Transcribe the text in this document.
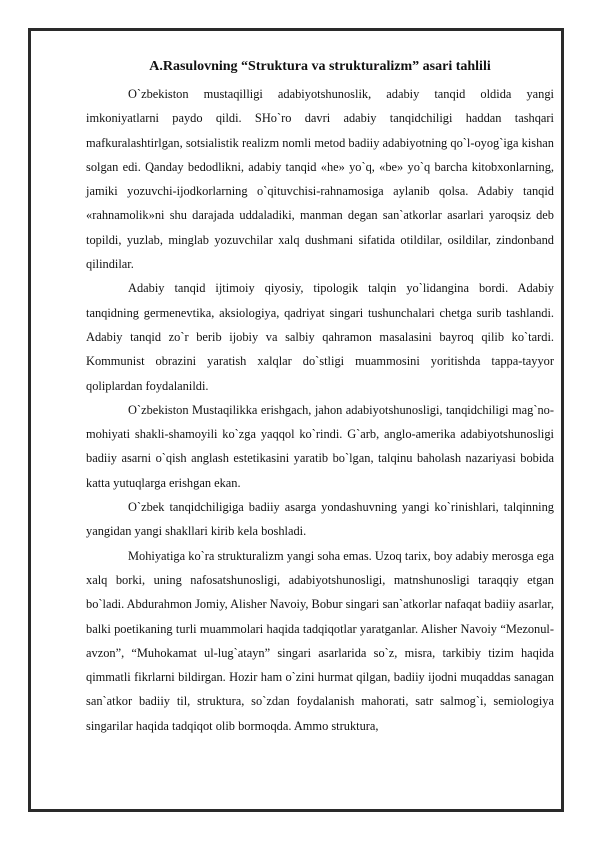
A.Rasulovning “Struktura va strukturalizm” asari tahlili

O`zbekiston mustaqilligi adabiyotshunoslik, adabiy tanqid oldida yangi imkoniyatlarni paydo qildi. SHo`ro davri adabiy tanqidchiligi haddan tashqari mafkuralashtirlgan, sotsialistik realizm nomli metod badiiy adabiyotning qo`l-oyog`iga kishan solgan edi. Qanday bedodlikni, adabiy tanqid «he» yo`q, «be» yo`q barcha kitobxonlarning, jamiki yozuvchi-ijodkorlarning o`qituvchisi-rahnamosiga aylanib qolsa. Adabiy tanqid «rahnamolik»ni shu darajada uddaladiki, manman degan san`atkorlar asarlari yaroqsiz deb topildi, yuzlab, minglab yozuvchilar xalq dushmani sifatida otildilar, osildilar, zindonband qilindilar.

Adabiy tanqid ijtimoiy qiyosiy, tipologik talqin yo`lidangina bordi. Adabiy tanqidning germenevtika, aksiologiya, qadriyat singari tushunchalari chetga surib tashlandi. Adabiy tanqid zo`r berib ijobiy va salbiy qahramon masalasini bayroq qilib ko`tardi. Kommunist obrazini yaratish xalqlar do`stligi muammosini yoritishda tappa-tayyor qoliplardan foydalanildi.

O`zbekiston Mustaqilikka erishgach, jahon adabiyotshunosligi, tanqidchiligi mag`no-mohiyati shakli-shamoyili ko`zga yaqqol ko`rindi. G`arb, anglo-amerika adabiyotshunosligi badiiy asarni o`qish anglash estetikasini yaratib bo`lgan, talqinu baholash nazariyasi bobida katta yutuqlarga erishgan ekan.

O`zbek tanqidchiligiga badiiy asarga yondashuvning yangi ko`rinishlari, talqinning yangidan yangi shakllari kirib kela boshladi.

Mohiyatiga ko`ra strukturalizm yangi soha emas. Uzoq tarix, boy adabiy merosga ega xalq borki, uning nafosatshunosligi, adabiyotshunosligi, matnshunosligi taraqqiy etgan bo`ladi. Abdurahmon Jomiy, Alisher Navoiy, Bobur singari san`atkorlar nafaqat badiiy asarlar, balki poetikaning turli muammolari haqida tadqiqotlar yaratganlar. Alisher Navoiy “Mezonul-avzon”, “Muhokamat ul-lug`atayn” singari asarlarida so`z, misra, tarkibiy tizim haqida qimmatli fikrlarni bildirgan. Hozir ham o`zini hurmat qilgan, badiiy ijodni muqaddas sanagan san`atkor badiiy til, struktura, so`zdan foydalanish mahorati, satr salmog`i, semiologiya singarilar haqida tadqiqot olib bormoqda. Ammo struktura,
